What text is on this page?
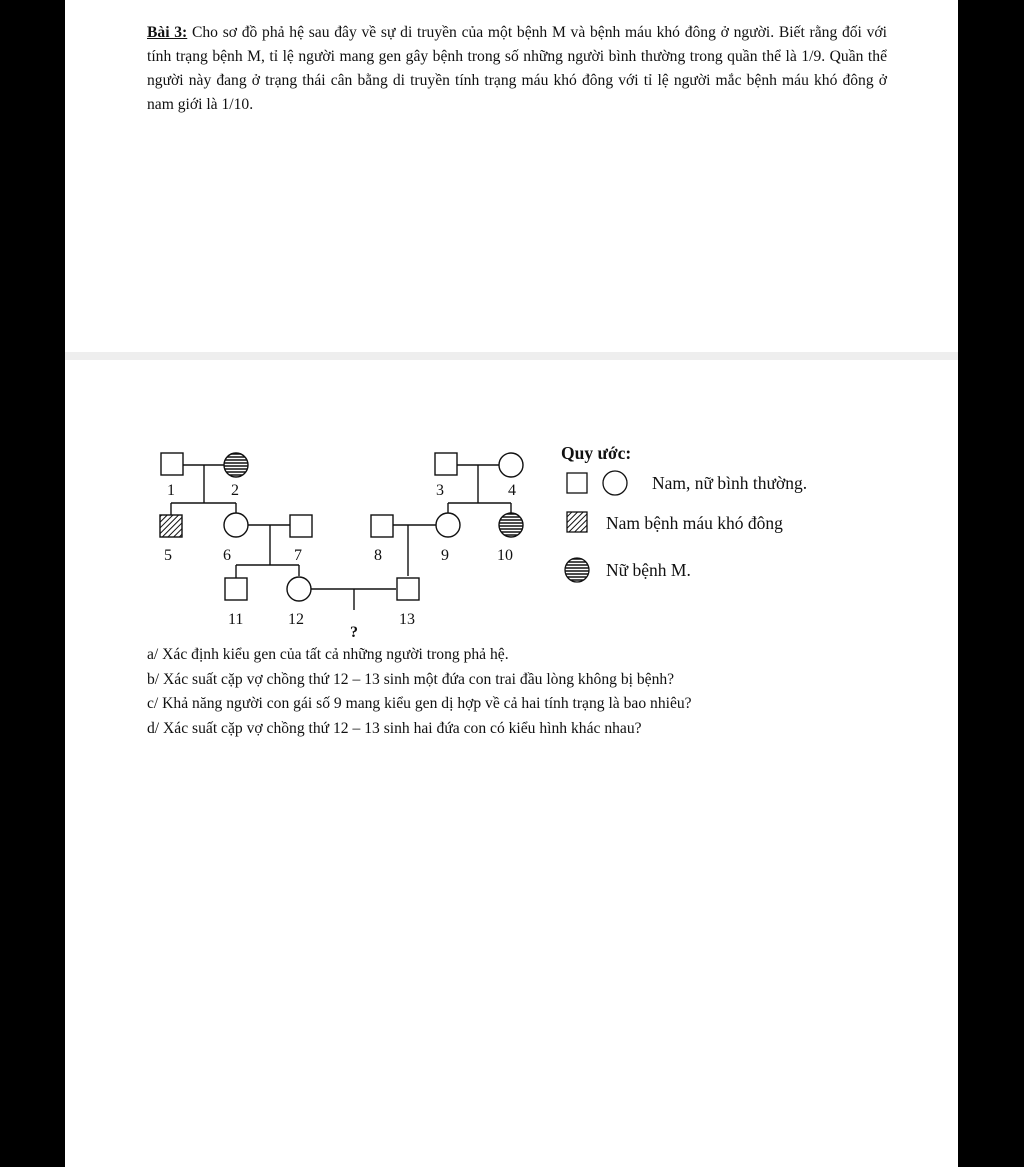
Bài 3: Cho sơ đồ phả hệ sau đây về sự di truyền của một bệnh M và bệnh máu khó đông ở người. Biết rằng đối với tính trạng bệnh M, tỉ lệ người mang gen gây bệnh trong số những người bình thường trong quần thể là 1/9. Quần thể người này đang ở trạng thái cân bằng di truyền tính trạng máu khó đông với tỉ lệ người mắc bệnh máu khó đông ở nam giới là 1/10.

1	2	3	4
5	6	7	8	9	10
11	12	13
?
Quy ước:
Nam, nữ bình thường.
Nam bệnh máu khó đông
Nữ bệnh M.
a/ Xác định kiểu gen của tất cả những người trong phả hệ.
b/ Xác suất cặp vợ chồng thứ 12 – 13 sinh một đứa con trai đầu lòng không bị bệnh?
c/ Khả năng người con gái số 9 mang kiểu gen dị hợp về cả hai tính trạng là bao nhiêu?
d/ Xác suất cặp vợ chồng thứ 12 – 13 sinh hai đứa con có kiểu hình khác nhau?
